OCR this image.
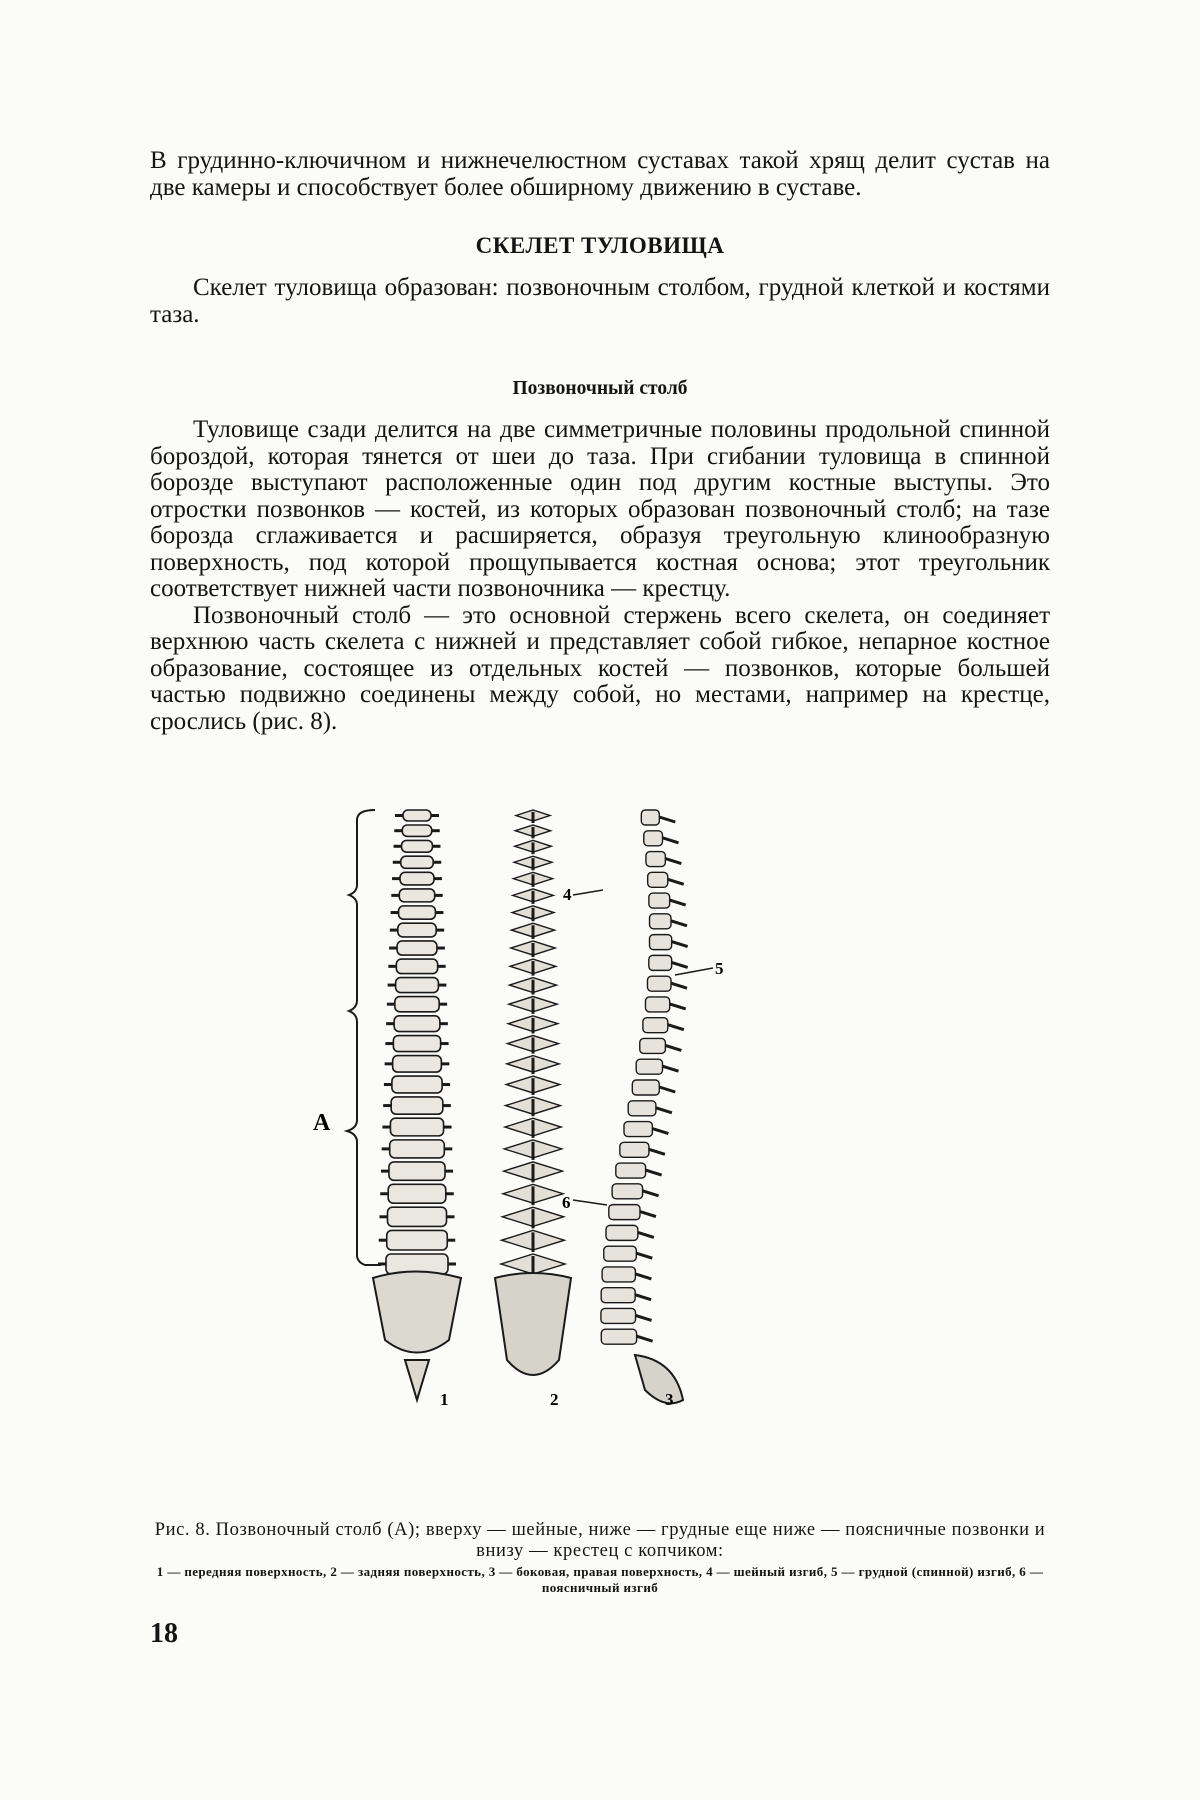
В грудинно-ключичном и нижнечелюстном суставах такой хрящ делит сустав на две камеры и способствует более обширному движению в суставе.

СКЕЛЕТ ТУЛОВИЩА

Скелет туловища образован: позвоночным столбом, грудной клеткой и костями таза.

Позвоночный столб

Туловище сзади делится на две симметричные половины продольной спинной бороздой, которая тянется от шеи до таза. При сгибании туловища в спинной борозде выступают расположенные один под другим костные выступы. Это отростки позвонков — костей, из которых образован позвоночный столб; на тазе борозда сглаживается и расширяется, образуя треугольную клинообразную поверхность, под которой прощупывается костная основа; этот треугольник соответствует нижней части позвоночника — крестцу.

Позвоночный столб — это основной стержень всего скелета, он соединяет верхнюю часть скелета с нижней и представляет собой гибкое, непарное костное образование, состоящее из отдельных костей — позвонков, которые большей частью подвижно соединены между собой, но местами, например на крестце, срослись (рис. 8).

А
4
5
6
1	2	3
Рис. 8. Позвоночный столб (А); вверху — шейные, ниже — грудные еще ниже — поясничные позвонки и внизу — крестец с копчиком:
1 — передняя поверхность, 2 — задняя поверхность, 3 — боковая, правая поверхность, 4 — шейный изгиб, 5 — грудной (спинной) изгиб, 6 — поясничный изгиб
18
